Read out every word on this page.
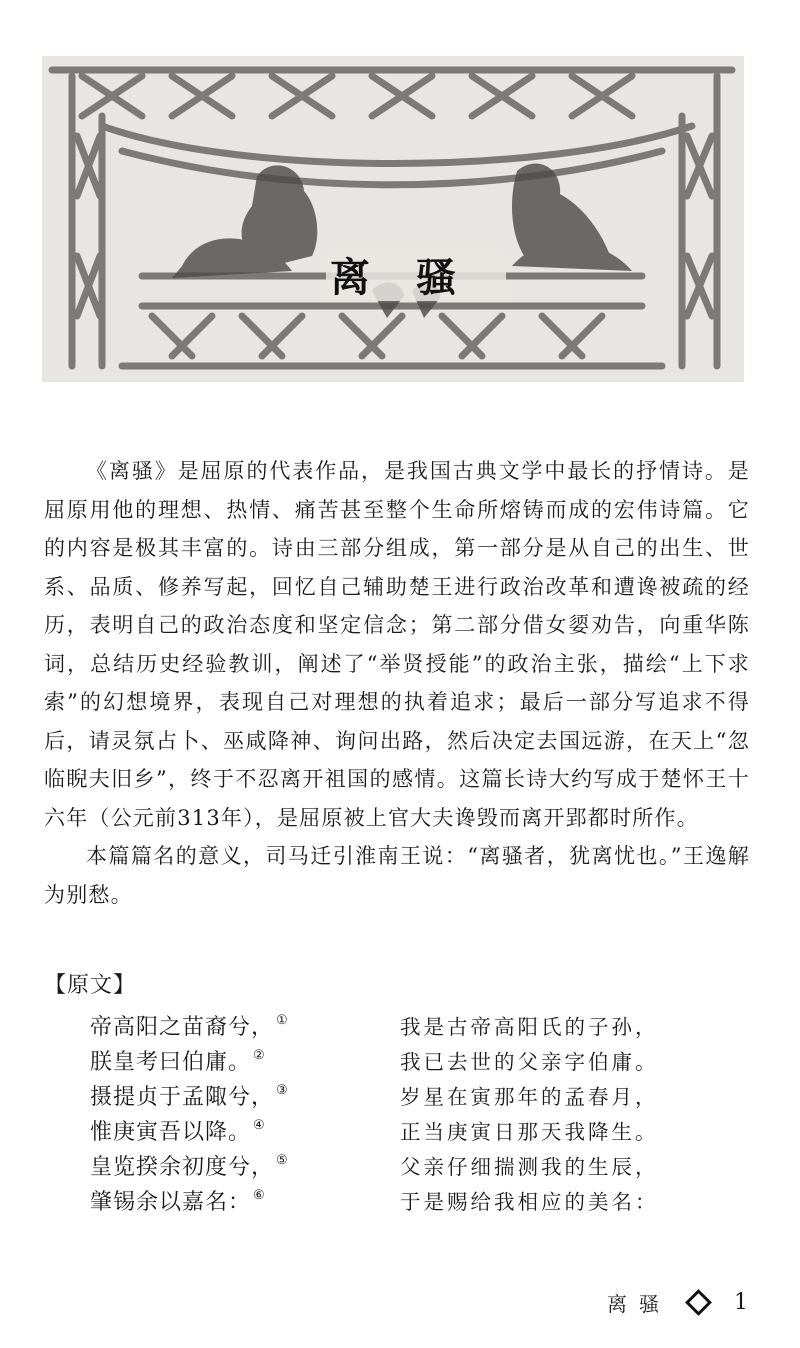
离骚

《离骚》是屈原的代表作品，是我国古典文学中最长的抒情诗。是屈原用他的理想、热情、痛苦甚至整个生命所熔铸而成的宏伟诗篇。它的内容是极其丰富的。诗由三部分组成，第一部分是从自己的出生、世系、品质、修养写起，回忆自己辅助楚王进行政治改革和遭谗被疏的经历，表明自己的政治态度和坚定信念；第二部分借女媭劝告，向重华陈词，总结历史经验教训，阐述了“举贤授能”的政治主张，描绘“上下求索”的幻想境界，表现自己对理想的执着追求；最后一部分写追求不得后，请灵氛占卜、巫咸降神、询问出路，然后决定去国远游，在天上“忽临睨夫旧乡”，终于不忍离开祖国的感情。这篇长诗大约写成于楚怀王十六年（公元前313年），是屈原被上官大夫谗毁而离开郢都时所作。

本篇篇名的意义，司马迁引淮南王说：“离骚者，犹离忧也。”王逸解为别愁。

【原文】
帝高阳之苗裔兮， ①	我是古帝高阳氏的子孙，
朕皇考曰伯庸。 ②	我已去世的父亲字伯庸。
摄提贞于孟陬兮， ③	岁星在寅那年的孟春月，
惟庚寅吾以降。 ④	正当庚寅日那天我降生。
皇览揆余初度兮， ⑤	父亲仔细揣测我的生辰，
肇锡余以嘉名： ⑥	于是赐给我相应的美名：
离骚	1
